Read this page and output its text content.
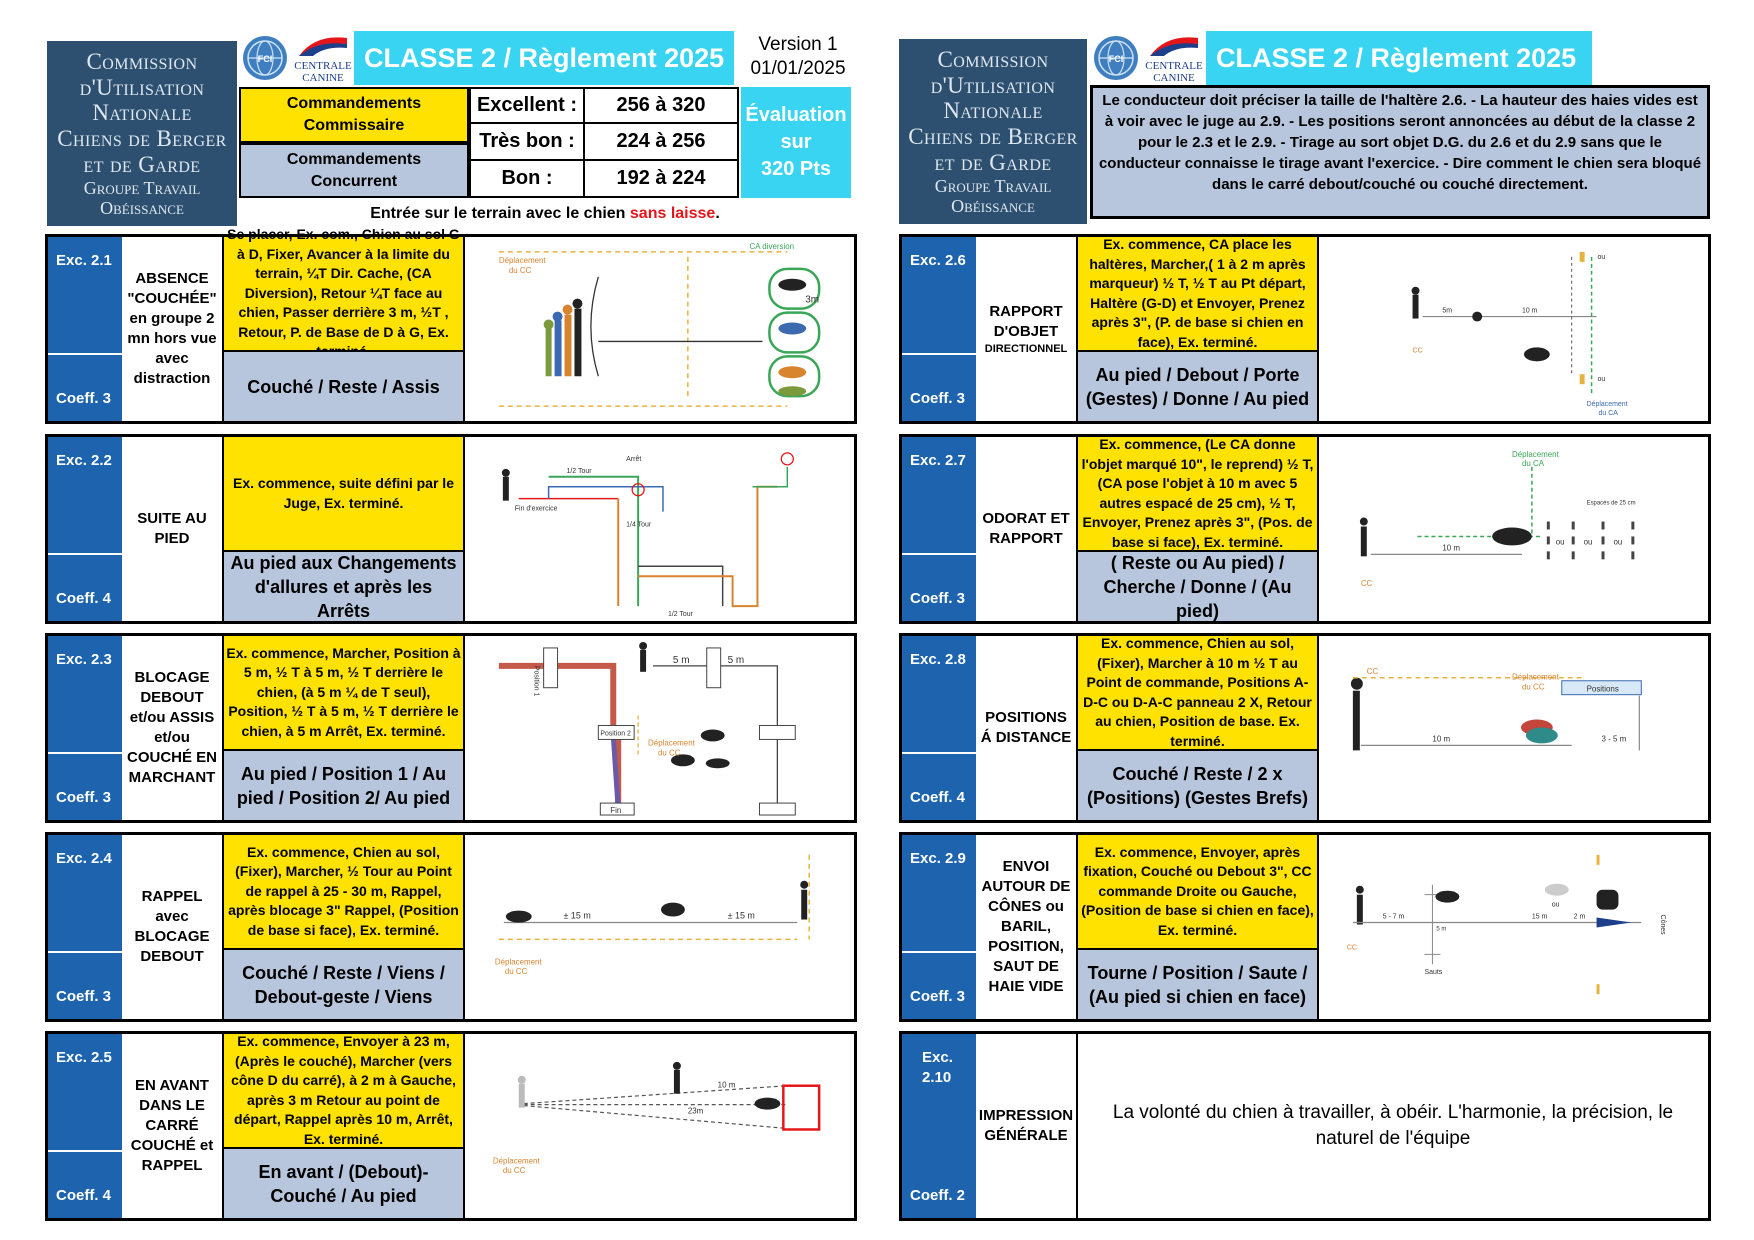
Commission
d'Utilisation
Nationale
Chiens de Berger
et de Garde
Groupe Travail
Obéissance
FCI
CENTRALE
CANINE
CLASSE 2 / Règlement 2025	Version 1
01/01/2025
Commandements Commissaire
Commandements Concurrent
Excellent :	256 à 320
Très bon :	224 à 256
Bon :	192 à 224
Évaluation
sur
320 Pts
Entrée sur le terrain avec le chien sans laisse.
Commission
d'Utilisation
Nationale
Chiens de Berger
et de Garde
Groupe Travail
Obéissance
FCI
CENTRALE
CANINE
CLASSE 2 / Règlement 2025
Le conducteur doit préciser la taille de l'haltère 2.6. - La hauteur des haies vides est à voir avec le juge au 2.9. - Les positions seront annoncées au début de la classe 2 pour le 2.3 et le 2.9. - Tirage au sort objet D.G. du 2.6 et du 2.9 sans que le conducteur connaisse le tirage avant l'exercice. - Dire comment le chien sera bloqué dans le carré debout/couché ou couché directement.
Exc. 2.1
Coeff. 3
ABSENCE "COUCHÉE" en groupe 2 mn hors vue avec distraction
Se placer, Ex. com., Chien au sol G à D, Fixer, Avancer à la limite du terrain, ¼T Dir. Cache, (CA Diversion), Retour ¼T face au chien, Passer derrière 3 m, ½T , Retour, P. de Base de D à G, Ex.
Couché / Reste / Assis
Déplacement
du CC
CA diversion
3m
Exc. 2.2
Coeff. 4
SUITE AU PIED
Ex. commence, suite défini par le Juge, Ex. terminé.
Au pied aux Changements d'allures et après les Arrêts
1/2 Tour
Arrêt
1/4 Tour
1/2 Tour
Fin d'exercice
Exc. 2.3
Coeff. 3
BLOCAGE DEBOUT et/ou ASSIS et/ou COUCHÉ EN MARCHANT
Ex. commence, Marcher, Position à 5 m, ½ T à 5 m, ½ T derrière le chien, (à 5 m ¼ de T seul), Position, ½ T à 5 m, ½ T derrière le chien, à 5 m Arrêt, Ex. terminé.
Au pied / Position 1 / Au pied / Position 2/ Au pied
Position 1
Position 2
Fin
5 m	5 m
Déplacement
du CC
Exc. 2.4
Coeff. 3
RAPPEL avec BLOCAGE DEBOUT
Ex. commence, Chien au sol, (Fixer), Marcher, ½ Tour au Point de rappel à 25 - 30 m, Rappel, après blocage 3" Rappel, (Position de base si face), Ex. terminé.
Couché / Reste / Viens / Debout-geste / Viens
± 15 m	± 15 m
Déplacement
du CC
Exc. 2.5
Coeff. 4
EN AVANT DANS LE CARRÉ COUCHÉ et RAPPEL
Ex. commence, Envoyer à 23 m, (Après le couché), Marcher (vers cône D du carré), à 2 m à Gauche, après 3 m Retour au point de départ, Rappel après 10 m, Arrêt, Ex. terminé.
En avant / (Debout)-Couché / Au pied
10 m
23m
Déplacement
du CC
Exc. 2.6
Coeff. 3
RAPPORT D'OBJET
DIRECTIONNEL
Ex. commence, CA place les haltères, Marcher,( 1 à 2 m après marqueur) ½ T, ½ T au Pt départ, Haltère (G-D) et Envoyer, Prenez après 3", (P. de base si chien en face), Ex. terminé.
Au pied / Debout / Porte (Gestes) / Donne / Au pied
5m	10 m
CC
ou
ou
Déplacement
du CA
Exc. 2.7
Coeff. 3
ODORAT ET RAPPORT
Ex. commence, (Le CA donne l'objet marqué 10", le reprend) ½ T, (CA pose l'objet à 10 m avec 5 autres espacé de 25 cm), ½ T, Envoyer, Prenez après 3", (Pos. de base si face), Ex. terminé.
( Reste ou Au pied) / Cherche / Donne / (Au pied)
Déplacement
du CA
10 m
CC
ou ou	ou
Espacés de 25 cm
Exc. 2.8
Coeff. 4
POSITIONS Á DISTANCE
Ex. commence, Chien au sol, (Fixer), Marcher à 10 m ½ T au Point de commande, Positions A-D-C ou D-A-C panneau 2 X, Retour au chien, Position de base. Ex. terminé.
Couché / Reste / 2 x (Positions) (Gestes Brefs)
CC
Déplacement
du CC	Positions
10 m	3 - 5 m
Exc. 2.9
Coeff. 3
ENVOI AUTOUR DE CÔNES ou BARIL, POSITION, SAUT DE HAIE VIDE
Ex. commence, Envoyer, après fixation, Couché ou Debout 3", CC commande Droite ou Gauche, (Position de base si chien en face), Ex. terminé.
Tourne / Position / Saute / (Au pied si chien en face)
5 - 7 m	15 m	2 m	Cônes
Sauts
ou
CC
5 m
Exc. 2.10
Coeff. 2
IMPRESSION GÉNÉRALE
La volonté du chien à travailler, à obéir. L'harmonie, la précision, le naturel de l'équipe
